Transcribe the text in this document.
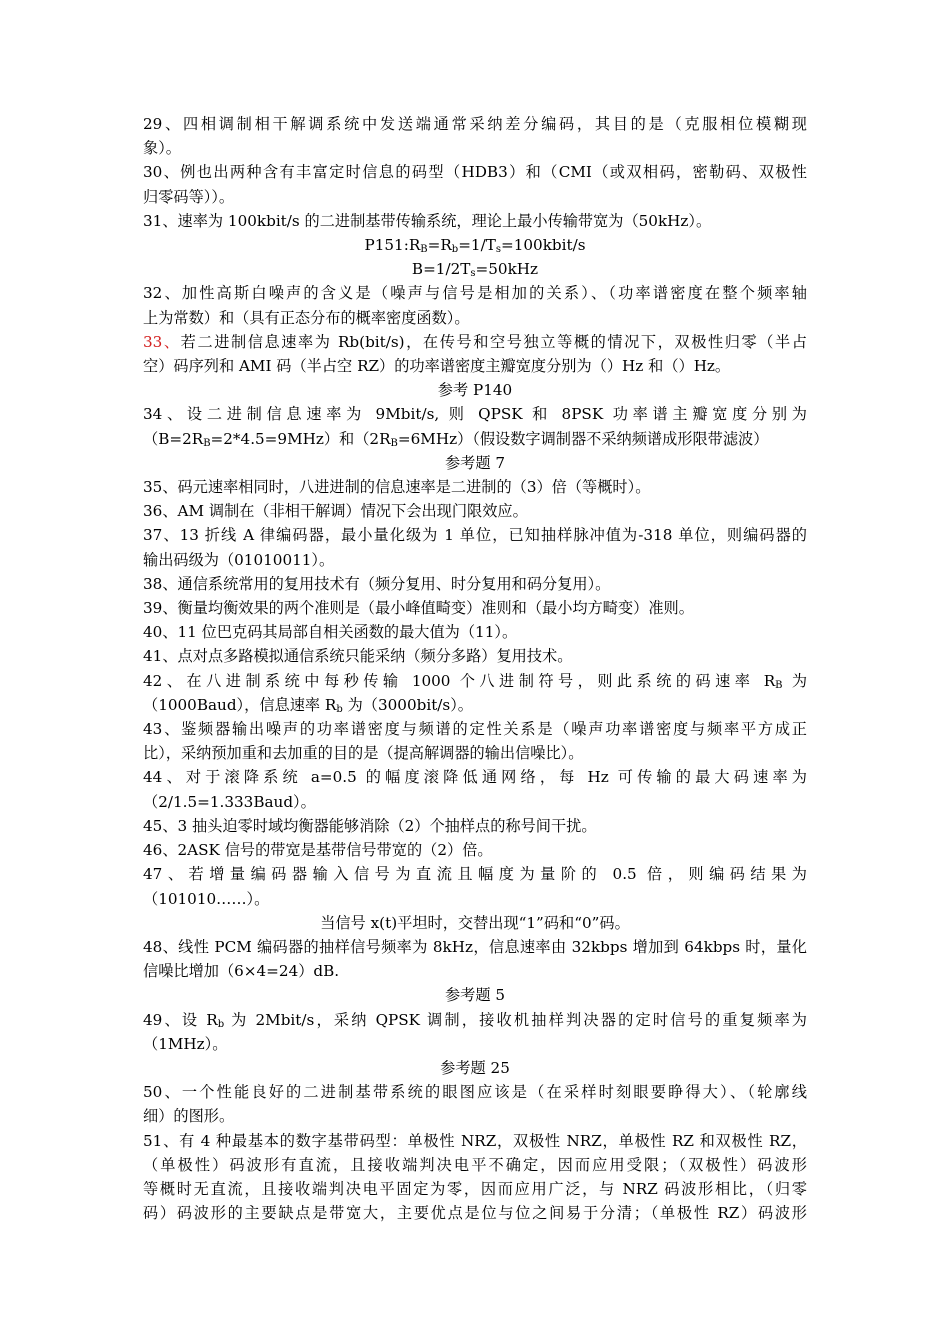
29、四相调制相干解调系统中发送端通常采纳差分编码，其目的是（克服相位模糊现
象）。
30、例也出两种含有丰富定时信息的码型（HDB3）和（CMI（或双相码，密勒码、双极性
归零码等））。
31、速率为 100kbit/s 的二进制基带传输系统，理论上最小传输带宽为（50kHz）。
$P151:R_B=R_b=1/T_s=100kbit/s$
$B=1/2T_s=50kHz$
32、加性高斯白噪声的含义是（噪声与信号是相加的关系）、（功率谱密度在整个频率轴
上为常数）和（具有正态分布的概率密度函数）。
33、若二进制信息速率为 Rb(bit/s)，在传号和空号独立等概的情况下，双极性归零（半占
空）码序列和 AMI 码（半占空 RZ）的功率谱密度主瓣宽度分别为（）Hz 和（）Hz。
参考 P140
34、设二进制信息速率为 9Mbit/s, 则 QPSK 和 8PSK 功率谱主瓣宽度分别为
$(B=2R_B=2*4.5=9MHz)$和$(2R_B=6MHz)$（假设数字调制器不采纳频谱成形限带滤波）
参考题 7
35、码元速率相同时，八进进制的信息速率是二进制的（3）倍（等概时）。
36、AM 调制在（非相干解调）情况下会出现门限效应。
37、13 折线 A 律编码器，最小量化级为 1 单位，已知抽样脉冲值为-318 单位，则编码器的
输出码级为（01010011）。
38、通信系统常用的复用技术有（频分复用、时分复用和码分复用）。
39、衡量均衡效果的两个准则是（最小峰值畸变）准则和（最小均方畸变）准则。
40、11 位巴克码其局部自相关函数的最大值为（11）。
41、点对点多路模拟通信系统只能采纳（频分多路）复用技术。
42、在八进制系统中每秒传输 1000 个八进制符号，则此系统的码速率 $R_B$ 为
（1000Baud），信息速率 $R_b$ 为（3000bit/s）。
43、鉴频器输出噪声的功率谱密度与频谱的定性关系是（噪声功率谱密度与频率平方成正
比），采纳预加重和去加重的目的是（提高解调器的输出信噪比）。
44、对于滚降系统 a=0.5 的幅度滚降低通网络，每 Hz 可传输的最大码速率为
（2/1.5=1.333Baud）。
45、3 抽头迫零时域均衡器能够消除（2）个抽样点的称号间干扰。
46、2ASK 信号的带宽是基带信号带宽的（2）倍。
47、若增量编码器输入信号为直流且幅度为量阶的 0.5 倍，则编码结果为
（101010……）。
当信号 x(t)平坦时，交替出现“1”码和“0”码。
48、线性 PCM 编码器的抽样信号频率为 8kHz，信息速率由 32kbps 增加到 64kbps 时，量化
信噪比增加（6×4=24）dB.
参考题 5
49、设 $R_b$ 为 2Mbit/s，采纳 QPSK 调制，接收机抽样判决器的定时信号的重复频率为
（1MHz）。
参考题 25
50、一个性能良好的二进制基带系统的眼图应该是（在采样时刻眼要睁得大）、（轮廓线
细）的图形。
51、有 4 种最基本的数字基带码型：单极性 NRZ，双极性 NRZ，单极性 RZ 和双极性 RZ，
（单极性）码波形有直流，且接收端判决电平不确定，因而应用受限；（双极性）码波形
等概时无直流，且接收端判决电平固定为零，因而应用广泛，与 NRZ 码波形相比，（归零
码）码波形的主要缺点是带宽大，主要优点是位与位之间易于分清；（单极性 RZ）码波形
